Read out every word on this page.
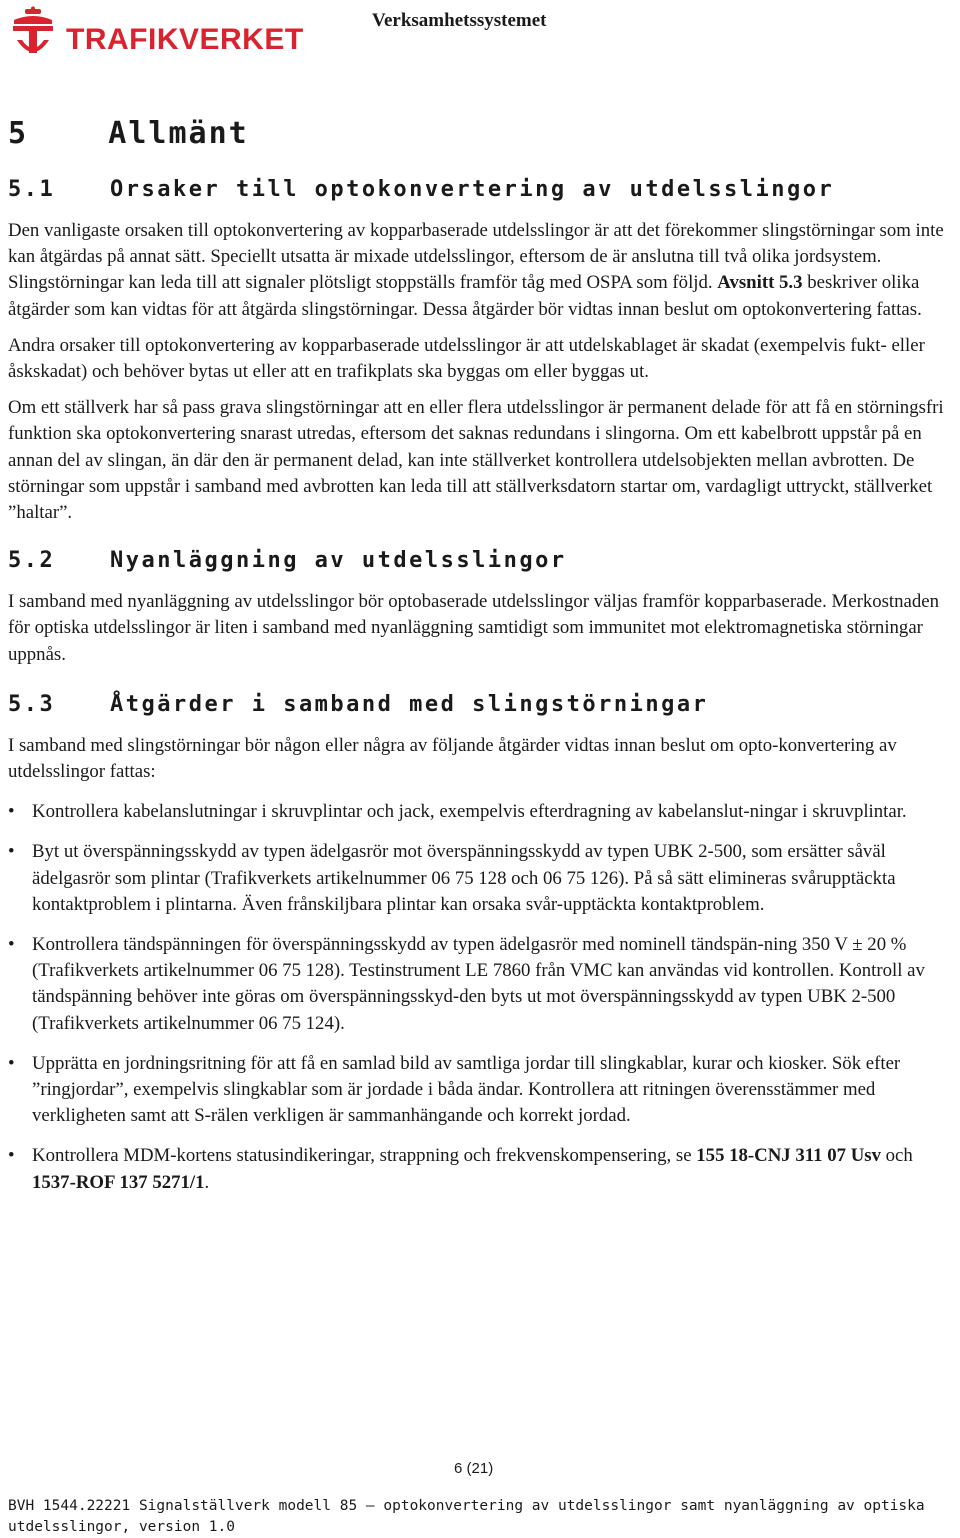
TRAFIKVERKET
Verksamhetssystemet
5    Allmänt
5.1 Orsaker till optokonvertering av utdelsslingor

Den vanligaste orsaken till optokonvertering av kopparbaserade utdelsslingor är att det förekommer slingstörningar som inte kan åtgärdas på annat sätt. Speciellt utsatta är mixade utdelsslingor, eftersom de är anslutna till två olika jordsystem. Slingstörningar kan leda till att signaler plötsligt stoppställs framför tåg med OSPA som följd. Avsnitt 5.3 beskriver olika åtgärder som kan vidtas för att åtgärda slingstörningar. Dessa åtgärder bör vidtas innan beslut om optokonvertering fattas.

Andra orsaker till optokonvertering av kopparbaserade utdelsslingor är att utdelskablaget är skadat (exempelvis fukt- eller åskskadat) och behöver bytas ut eller att en trafikplats ska byggas om eller byggas ut.

Om ett ställverk har så pass grava slingstörningar att en eller flera utdelsslingor är permanent delade för att få en störningsfri funktion ska optokonvertering snarast utredas, eftersom det saknas redundans i slingorna. Om ett kabelbrott uppstår på en annan del av slingan, än där den är permanent delad, kan inte ställverket kontrollera utdelsobjekten mellan avbrotten. De störningar som uppstår i samband med avbrotten kan leda till att ställverksdatorn startar om, vardagligt uttryckt, ställverket ”haltar”.

5.2 Nyanläggning av utdelsslingor

I samband med nyanläggning av utdelsslingor bör optobaserade utdelsslingor väljas framför kopparbaserade. Merkostnaden för optiska utdelsslingor är liten i samband med nyanläggning samtidigt som immunitet mot elektromagnetiska störningar uppnås.

5.3 Åtgärder i samband med slingstörningar

I samband med slingstörningar bör någon eller några av följande åtgärder vidtas innan beslut om opto-konvertering av utdelsslingor fattas:

• Kontrollera kabelanslutningar i skruvplintar och jack, exempelvis efterdragning av kabelanslut-ningar i skruvplintar.
• Byt ut överspänningsskydd av typen ädelgasrör mot överspänningsskydd av typen UBK 2-500, som ersätter såväl ädelgasrör som plintar (Trafikverkets artikelnummer 06 75 128 och 06 75 126). På så sätt elimineras svårupptäckta kontaktproblem i plintarna. Även frånskiljbara plintar kan orsaka svår-upptäckta kontaktproblem.
• Kontrollera tändspänningen för överspänningsskydd av typen ädelgasrör med nominell tändspän-ning 350 V ± 20 % (Trafikverkets artikelnummer 06 75 128). Testinstrument LE 7860 från VMC kan användas vid kontrollen. Kontroll av tändspänning behöver inte göras om överspänningsskyd-den byts ut mot överspänningsskydd av typen UBK 2-500 (Trafikverkets artikelnummer 06 75 124).
• Upprätta en jordningsritning för att få en samlad bild av samtliga jordar till slingkablar, kurar och kiosker. Sök efter ”ringjordar”, exempelvis slingkablar som är jordade i båda ändar. Kontrollera att ritningen överensstämmer med verkligheten samt att S-rälen verkligen är sammanhängande och korrekt jordad.
• Kontrollera MDM-kortens statusindikeringar, strappning och frekvenskompensering, se 155 18-CNJ 311 07 Usv och 1537-ROF 137 5271/1.
6 (21)
BVH 1544.22221 Signalställverk modell 85 – optokonvertering av utdelsslingor samt nyanläggning av optiska utdelsslingor, version 1.0
